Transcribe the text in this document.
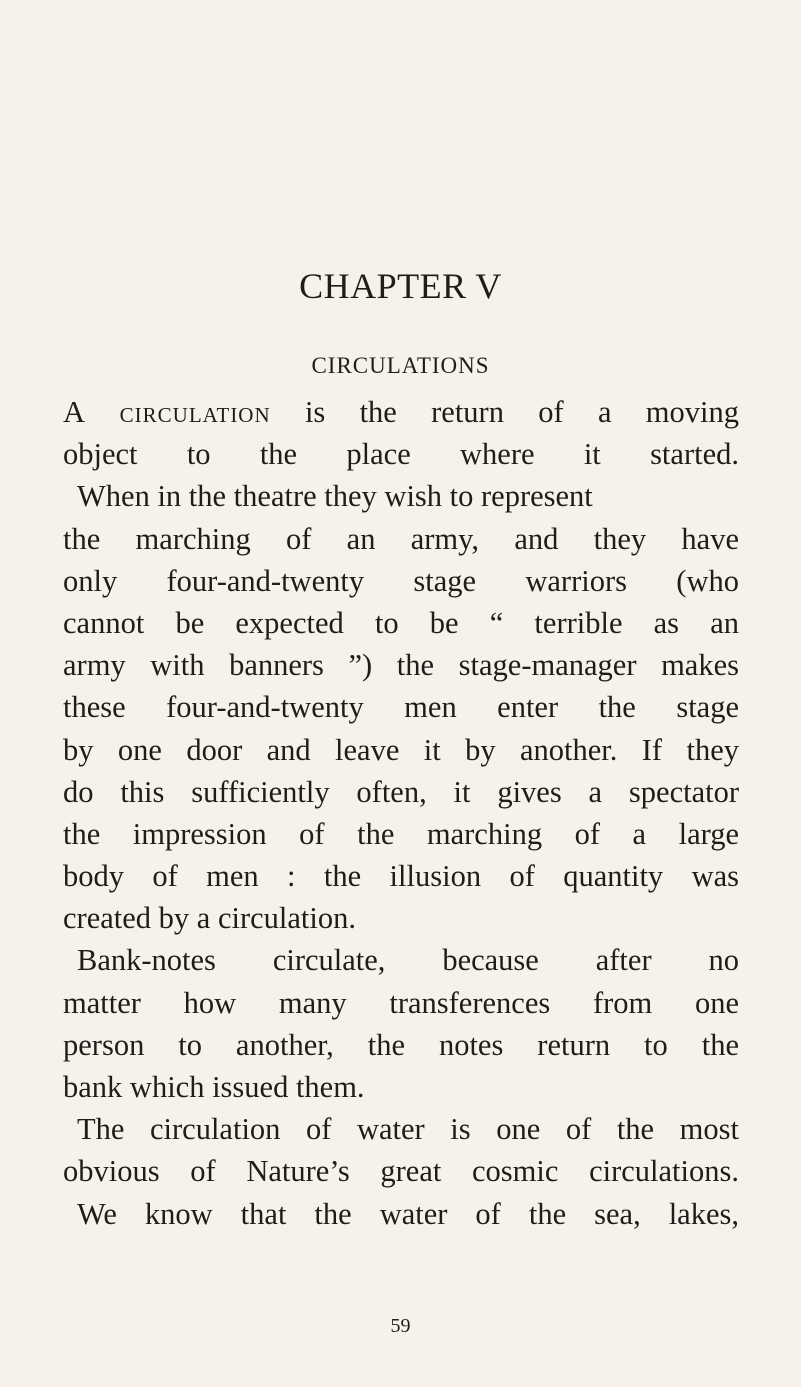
CHAPTER V
CIRCULATIONS
A circulation is the return of a moving
object to the place where it started.
When in the theatre they wish to represent
the marching of an army, and they have
only four-and-twenty stage warriors (who
cannot be expected to be “ terrible as an
army with banners ”) the stage-manager makes
these four-and-twenty men enter the stage
by one door and leave it by another. If they
do this sufficiently often, it gives a spectator
the impression of the marching of a large
body of men : the illusion of quantity was
created by a circulation.
Bank-notes circulate, because after no
matter how many transferences from one
person to another, the notes return to the
bank which issued them.
The circulation of water is one of the most
obvious of Nature’s great cosmic circulations.
We know that the water of the sea, lakes,
59
